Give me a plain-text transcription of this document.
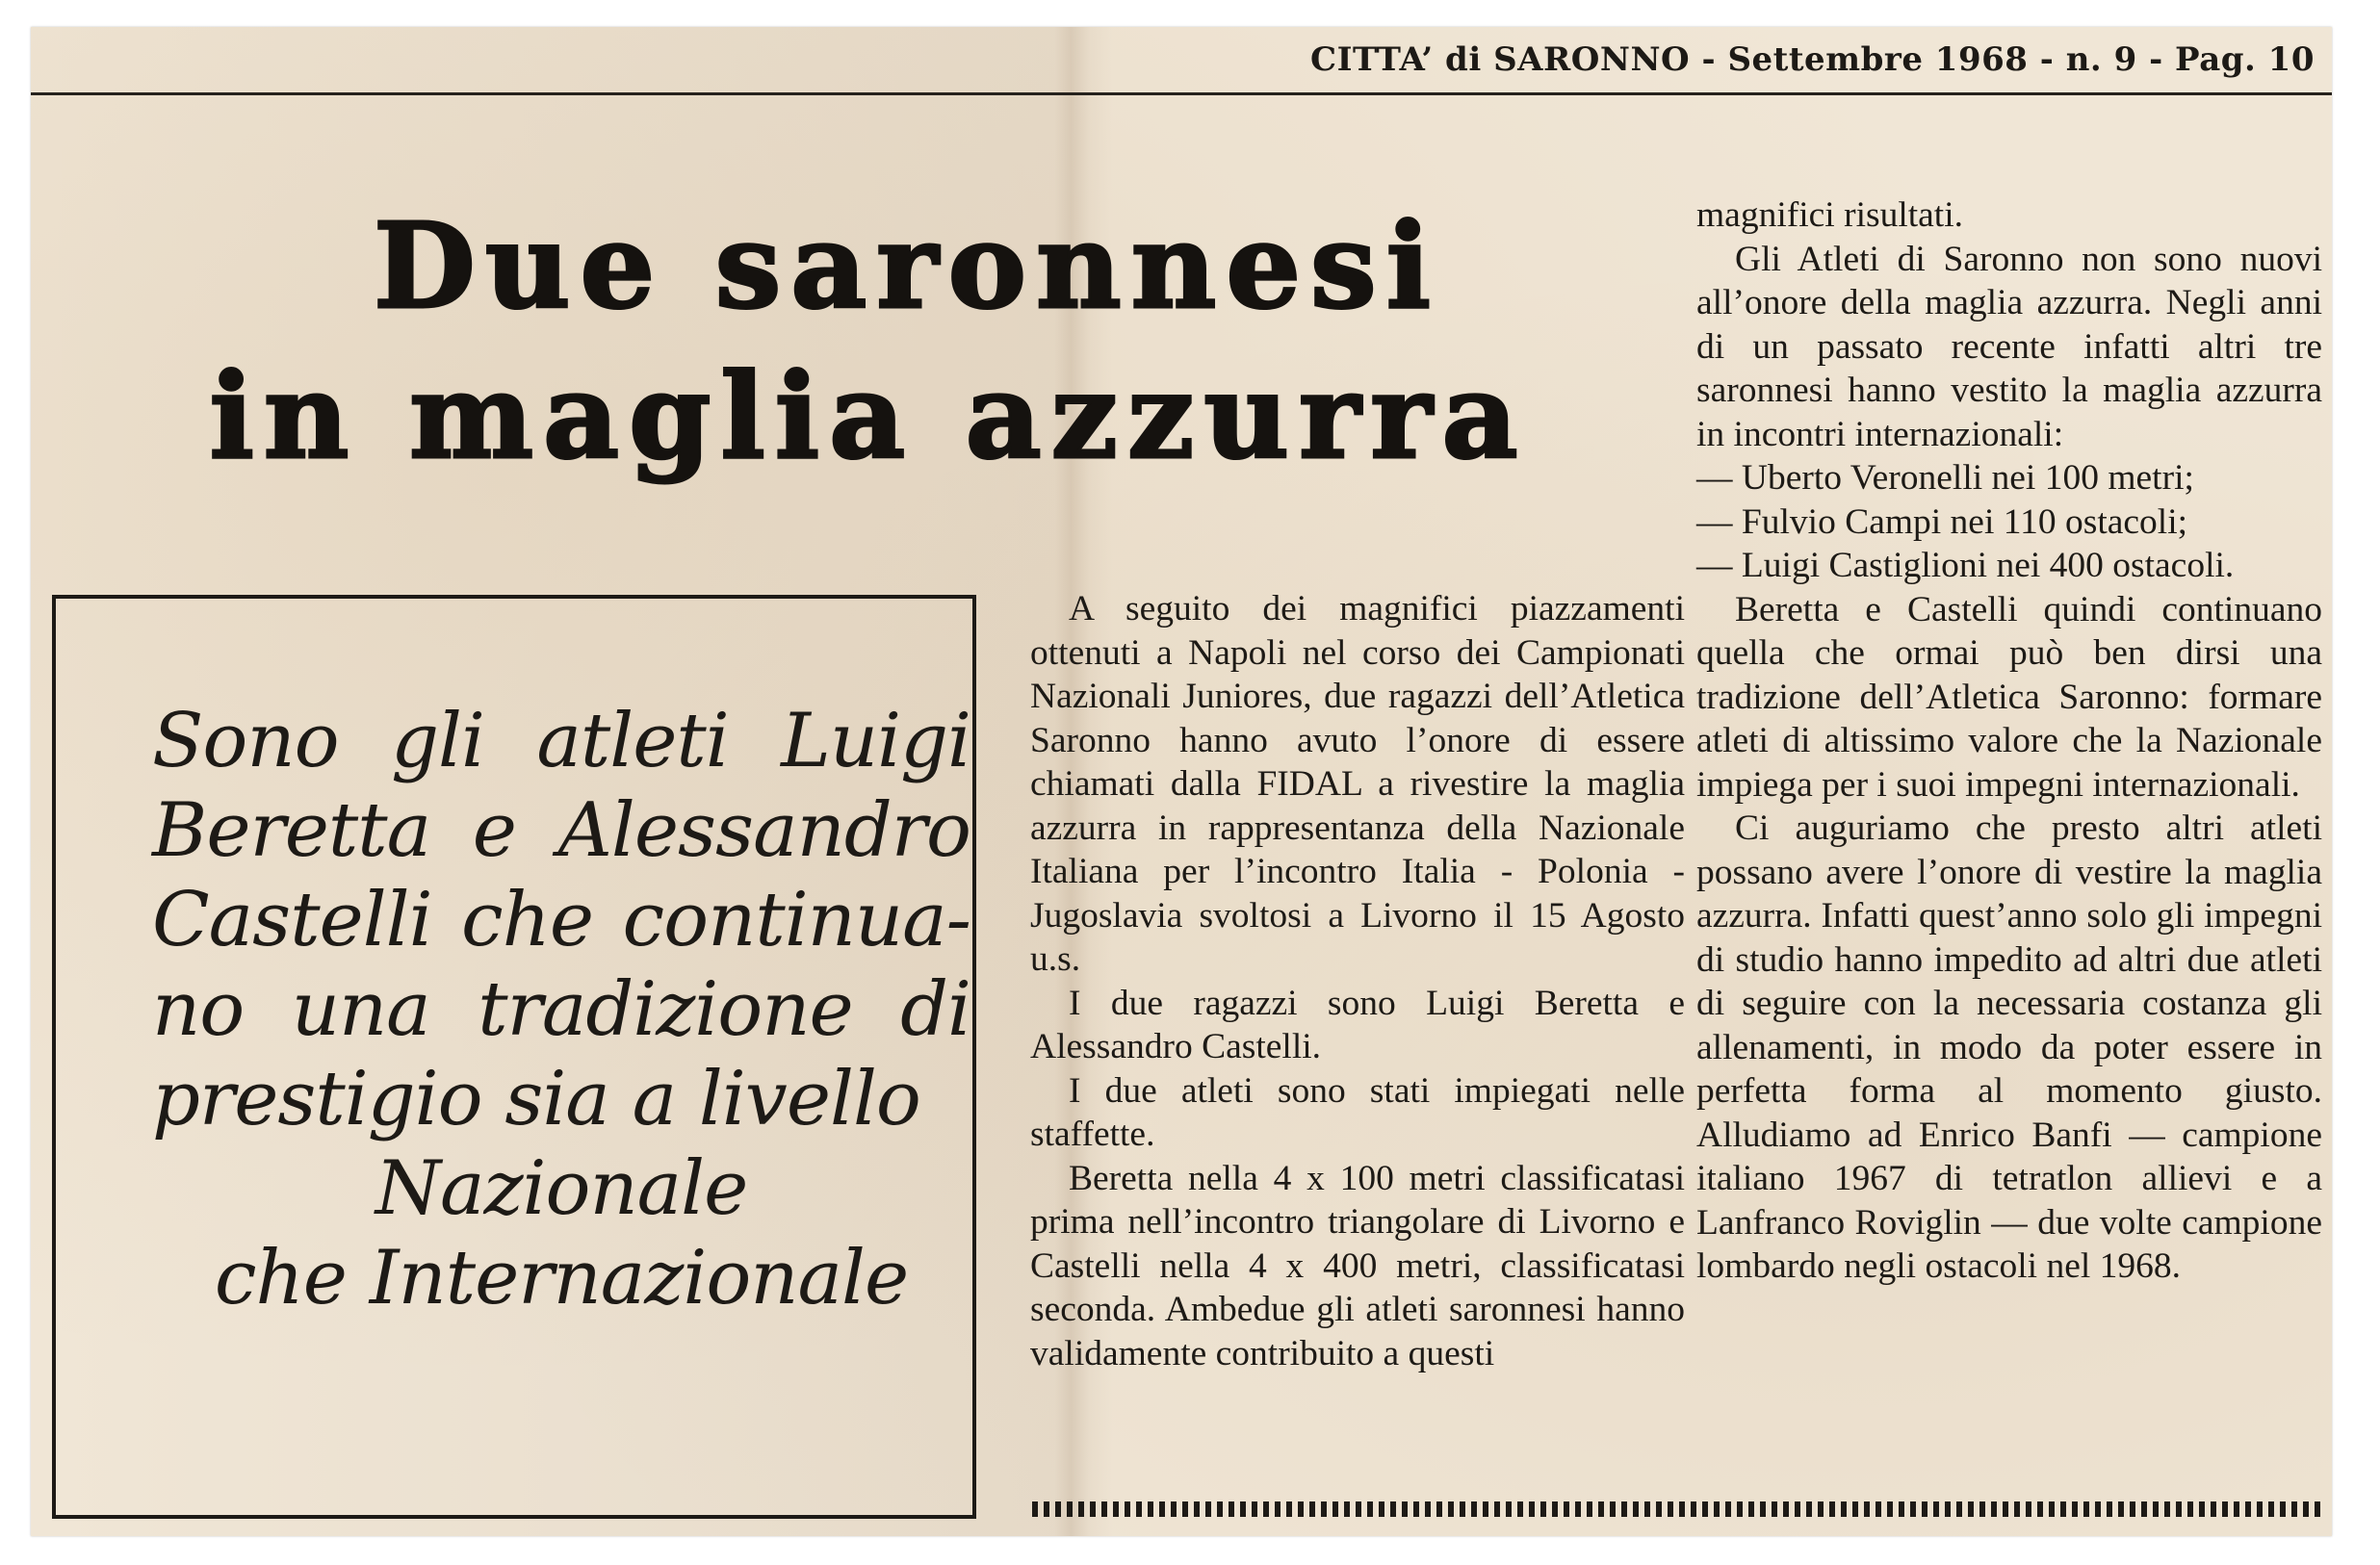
CITTA’ di SARONNO - Settembre 1968 - n. 9 - Pag. 10
Due saronnesi
in maglia azzurra
Sono gli atleti Luigi Beretta e Alessandro Castelli che continua- no una tradizione di prestigio sia a livello
Nazionale
che Internazionale

A seguito dei magnifici piazzamenti ottenuti a Napoli nel corso dei Campionati Nazionali Juniores, due ragazzi dell’Atletica Saronno hanno avuto l’onore di essere chiamati dalla FIDAL a rivestire la maglia azzurra in rappresentanza della Nazionale Italiana per l’incontro Italia - Polonia - Jugoslavia svoltosi a Livorno il 15 Agosto u.s.

I due ragazzi sono Luigi Beretta e Alessandro Castelli.

I due atleti sono stati impiegati nelle staffette.

Beretta nella 4 x 100 metri classificatasi prima nell’incontro triangolare di Livorno e Castelli nella 4 x 400 metri, classificatasi seconda. Ambedue gli atleti saronnesi hanno validamente contribuito a questi

magnifici risultati.

Gli Atleti di Saronno non sono nuovi all’onore della maglia azzurra. Negli anni di un passato recente infatti altri tre saronnesi hanno vestito la maglia azzurra in incontri internazionali:

— Uberto Veronelli nei 100 metri;

— Fulvio Campi nei 110 ostacoli;

— Luigi Castiglioni nei 400 ostacoli.

Beretta e Castelli quindi continuano quella che ormai può ben dirsi una tradizione dell’Atletica Saronno: formare atleti di altissimo valore che la Nazionale impiega per i suoi impegni internazionali.

Ci auguriamo che presto altri atleti possano avere l’onore di vestire la maglia azzurra. Infatti quest’anno solo gli impegni di studio hanno impedito ad altri due atleti di seguire con la necessaria costanza gli allenamenti, in modo da poter essere in perfetta forma al momento giusto. Alludiamo ad Enrico Banfi — campione italiano 1967 di tetratlon allievi e a Lanfranco Roviglin — due volte campione lombardo negli ostacoli nel 1968.
